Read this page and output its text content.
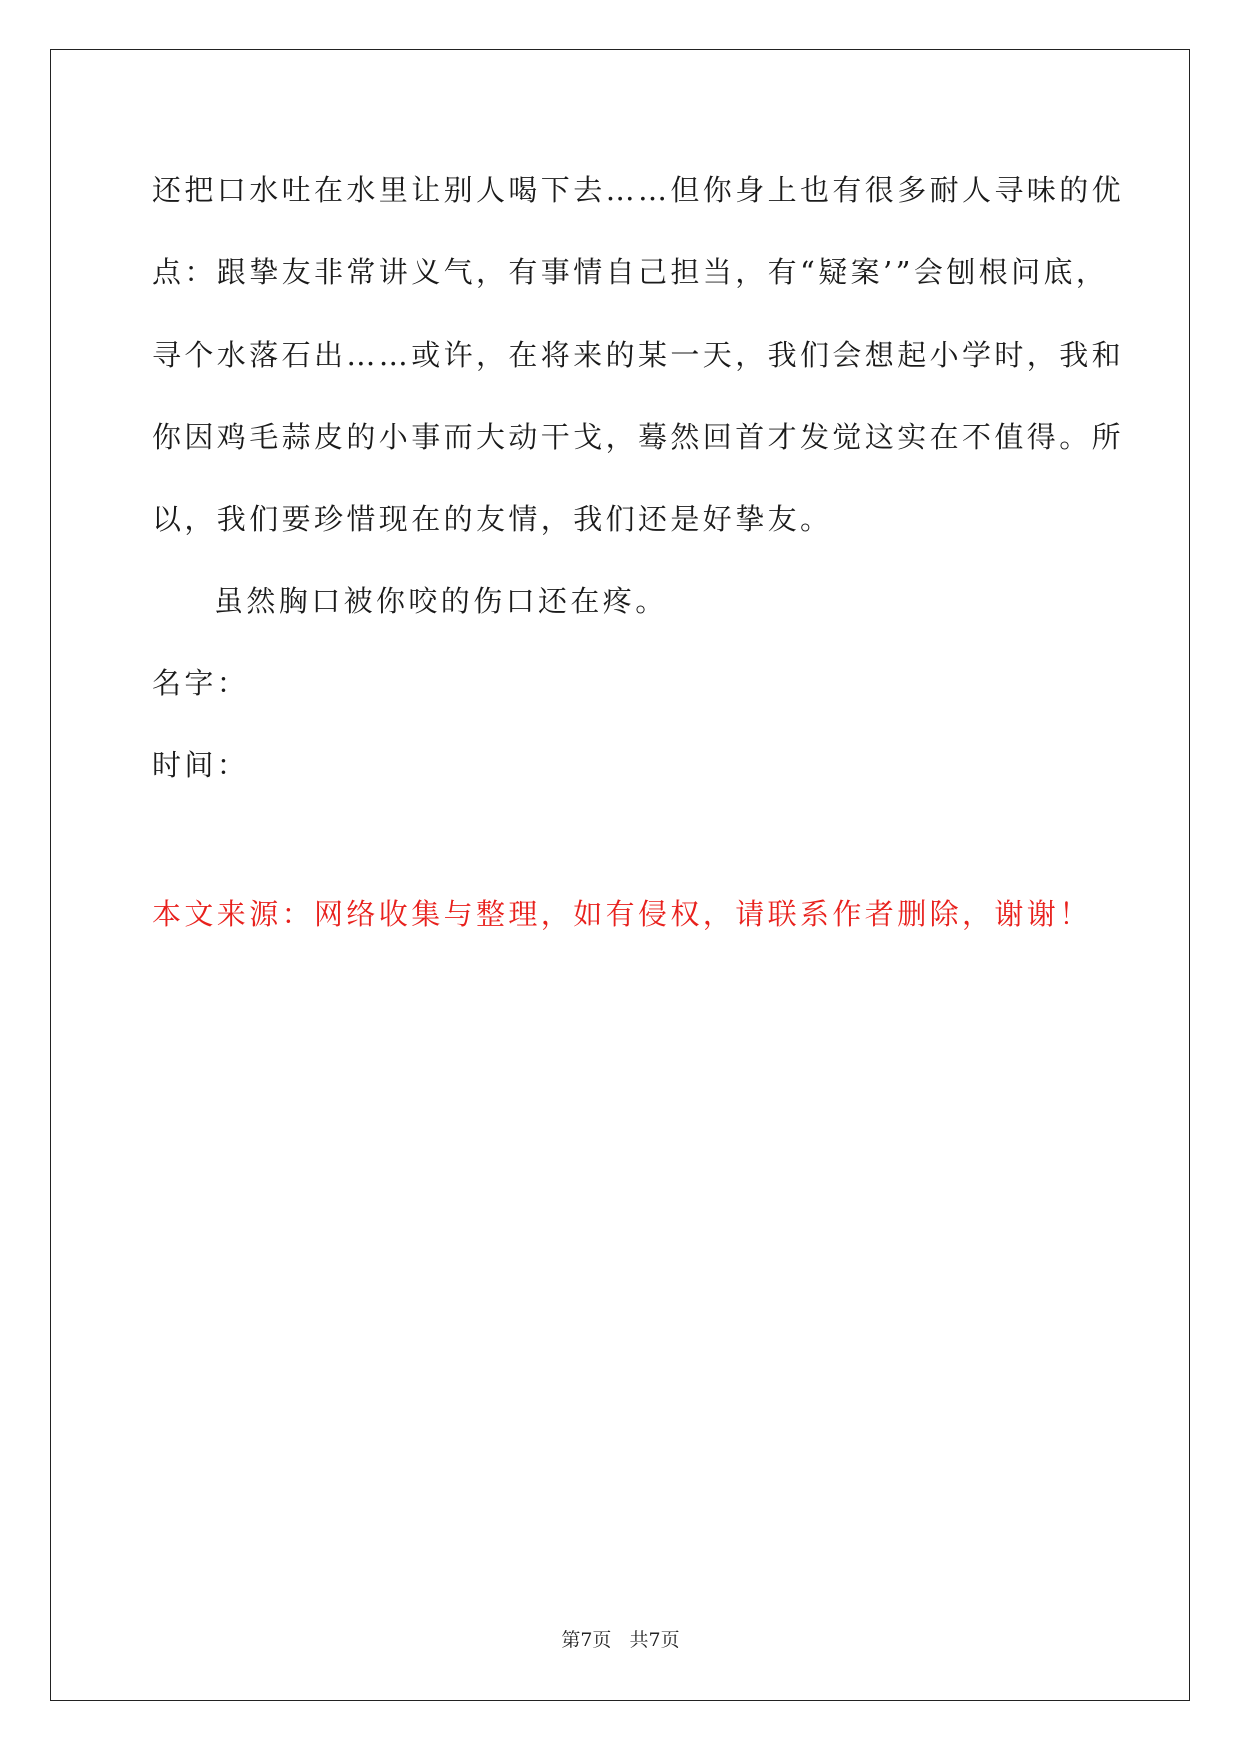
还把口水吐在水里让别人喝下去……但你身上也有很多耐人寻味的优
点：跟挚友非常讲义气，有事情自己担当，有“疑案’”会刨根问底，
寻个水落石出……或许，在将来的某一天，我们会想起小学时，我和
你因鸡毛蒜皮的小事而大动干戈，蓦然回首才发觉这实在不值得。所
以，我们要珍惜现在的友情，我们还是好挚友。
虽然胸口被你咬的伤口还在疼。
名字：
时间：
本文来源：网络收集与整理，如有侵权，请联系作者删除，谢谢！
第7页   共7页
